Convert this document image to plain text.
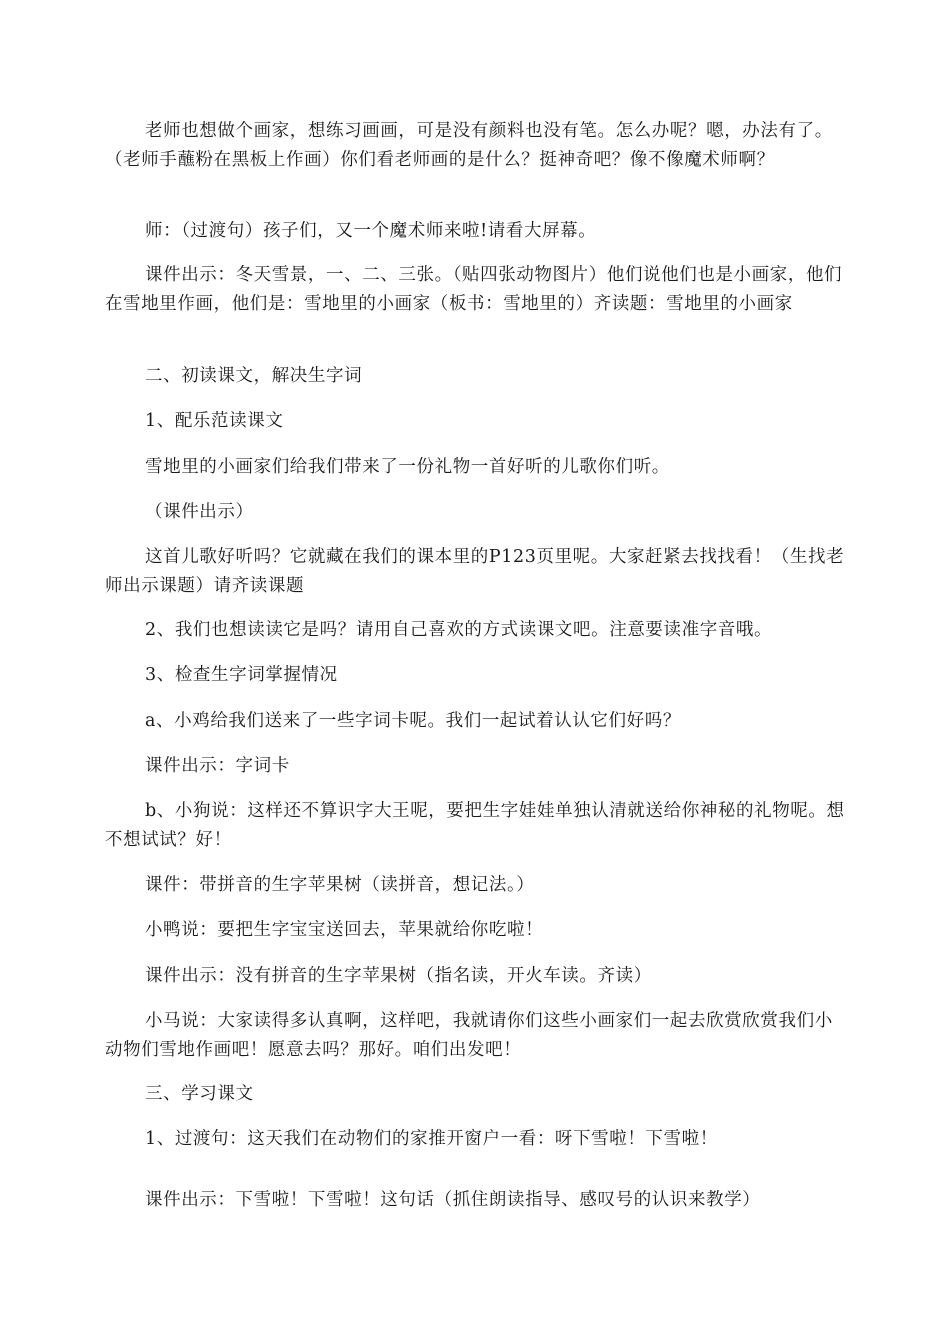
老师也想做个画家，想练习画画，可是没有颜料也没有笔。怎么办呢？嗯，办法有了。（老师手蘸粉在黑板上作画）你们看老师画的是什么？挺神奇吧？像不像魔术师啊？

师：（过渡句）孩子们，又一个魔术师来啦!请看大屏幕。

课件出示：冬天雪景，一、二、三张。（贴四张动物图片）他们说他们也是小画家，他们在雪地里作画，他们是：雪地里的小画家（板书：雪地里的）齐读题：雪地里的小画家

二、初读课文，解决生字词

1、配乐范读课文

雪地里的小画家们给我们带来了一份礼物一首好听的儿歌你们听。

（课件出示）

这首儿歌好听吗？它就藏在我们的课本里的P123页里呢。大家赶紧去找找看！（生找老师出示课题）请齐读课题

2、我们也想读读它是吗？请用自己喜欢的方式读课文吧。注意要读准字音哦。

3、检查生字词掌握情况

a、小鸡给我们送来了一些字词卡呢。我们一起试着认认它们好吗？

课件出示：字词卡

b、小狗说：这样还不算识字大王呢，要把生字娃娃单独认清就送给你神秘的礼物呢。想不想试试？好！

课件：带拼音的生字苹果树（读拼音，想记法。）

小鸭说：要把生字宝宝送回去，苹果就给你吃啦！

课件出示：没有拼音的生字苹果树（指名读，开火车读。齐读）

小马说：大家读得多认真啊，这样吧，我就请你们这些小画家们一起去欣赏欣赏我们小动物们雪地作画吧！愿意去吗？那好。咱们出发吧！

三、学习课文

1、过渡句：这天我们在动物们的家推开窗户一看：呀下雪啦！下雪啦！

课件出示：下雪啦！下雪啦！这句话（抓住朗读指导、感叹号的认识来教学）
